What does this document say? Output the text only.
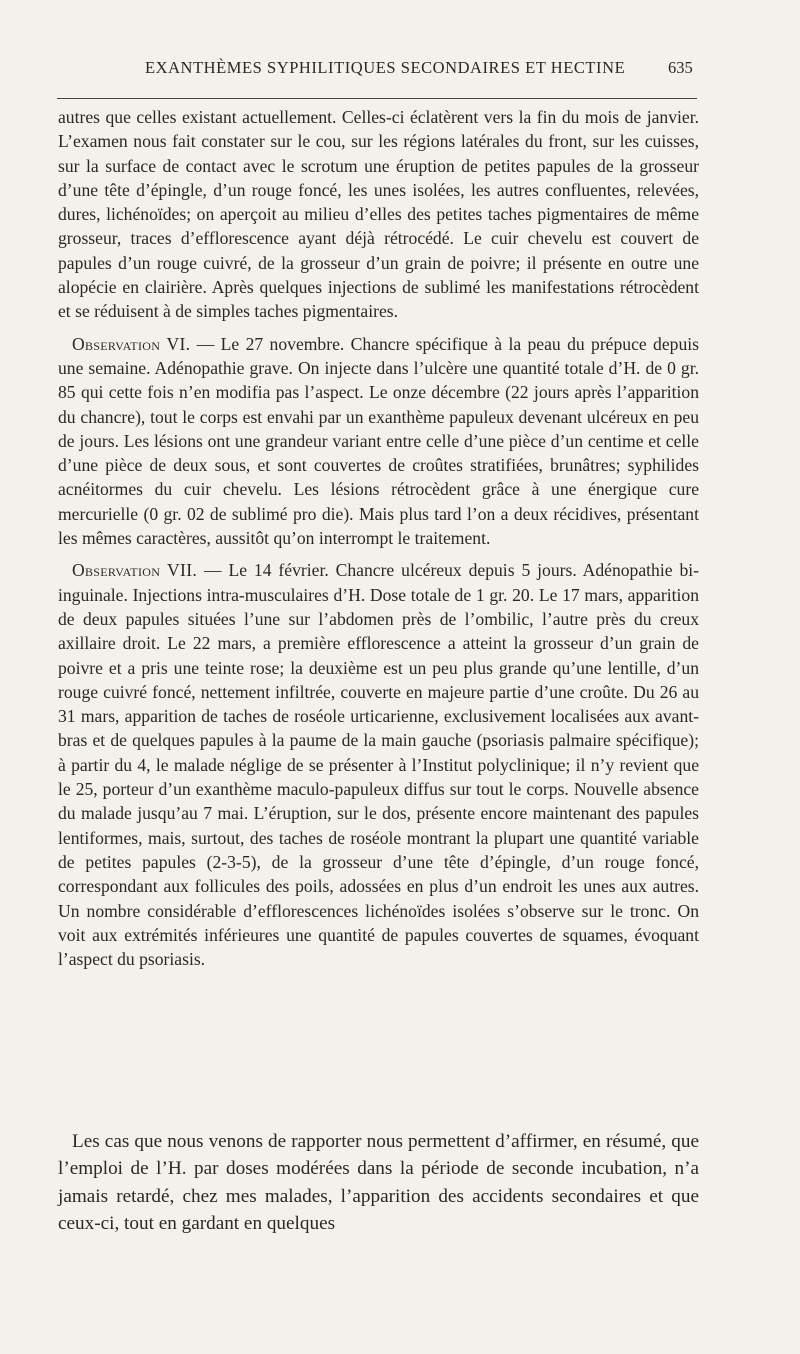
EXANTHÈMES SYPHILITIQUES SECONDAIRES ET HECTINE	635

autres que celles existant actuellement. Celles-ci éclatèrent vers la fin du mois de janvier. L’examen nous fait constater sur le cou, sur les régions latérales du front, sur les cuisses, sur la surface de contact avec le scrotum une éruption de petites papules de la grosseur d’une tête d’épingle, d’un rouge foncé, les unes isolées, les autres confluentes, relevées, dures, lichénoïdes; on aperçoit au milieu d’elles des petites taches pigmentaires de même grosseur, traces d’efflorescence ayant déjà rétrocédé. Le cuir chevelu est couvert de papules d’un rouge cuivré, de la grosseur d’un grain de poivre; il présente en outre une alopécie en clairière. Après quelques injections de sublimé les manifestations rétrocèdent et se réduisent à de simples taches pigmentaires.

Observation VI. — Le 27 novembre. Chancre spécifique à la peau du prépuce depuis une semaine. Adénopathie grave. On injecte dans l’ulcère une quantité totale d’H. de 0 gr. 85 qui cette fois n’en modifia pas l’aspect. Le onze décembre (22 jours après l’apparition du chancre), tout le corps est envahi par un exanthème papuleux devenant ulcéreux en peu de jours. Les lésions ont une grandeur variant entre celle d’une pièce d’un centime et celle d’une pièce de deux sous, et sont couvertes de croûtes stratifiées, brunâtres; syphilides acnéitormes du cuir chevelu. Les lésions rétrocèdent grâce à une énergique cure mercurielle (0 gr. 02 de sublimé pro die). Mais plus tard l’on a deux récidives, présentant les mêmes caractères, aussitôt qu’on interrompt le traitement.

Observation VII. — Le 14 février. Chancre ulcéreux depuis 5 jours. Adénopathie bi-inguinale. Injections intra-musculaires d’H. Dose totale de 1 gr. 20. Le 17 mars, apparition de deux papules situées l’une sur l’abdomen près de l’ombilic, l’autre près du creux axillaire droit. Le 22 mars, a première efflorescence a atteint la grosseur d’un grain de poivre et a pris une teinte rose; la deuxième est un peu plus grande qu’une lentille, d’un rouge cuivré foncé, nettement infiltrée, couverte en majeure partie d’une croûte. Du 26 au 31 mars, apparition de taches de roséole urticarienne, exclusivement localisées aux avant-bras et de quelques papules à la paume de la main gauche (psoriasis palmaire spécifique); à partir du 4, le malade néglige de se présenter à l’Institut polyclinique; il n’y revient que le 25, porteur d’un exanthème maculo-papuleux diffus sur tout le corps. Nouvelle absence du malade jusqu’au 7 mai. L’éruption, sur le dos, présente encore maintenant des papules lentiformes, mais, surtout, des taches de roséole montrant la plupart une quantité variable de petites papules (2-3-5), de la grosseur d’une tête d’épingle, d’un rouge foncé, correspondant aux follicules des poils, adossées en plus d’un endroit les unes aux autres. Un nombre considérable d’efflorescences lichénoïdes isolées s’observe sur le tronc. On voit aux extrémités inférieures une quantité de papules couvertes de squames, évoquant l’aspect du psoriasis.

Les cas que nous venons de rapporter nous permettent d’affirmer, en résumé, que l’emploi de l’H. par doses modérées dans la période de seconde incubation, n’a jamais retardé, chez mes malades, l’apparition des accidents secondaires et que ceux-ci, tout en gardant en quelques
